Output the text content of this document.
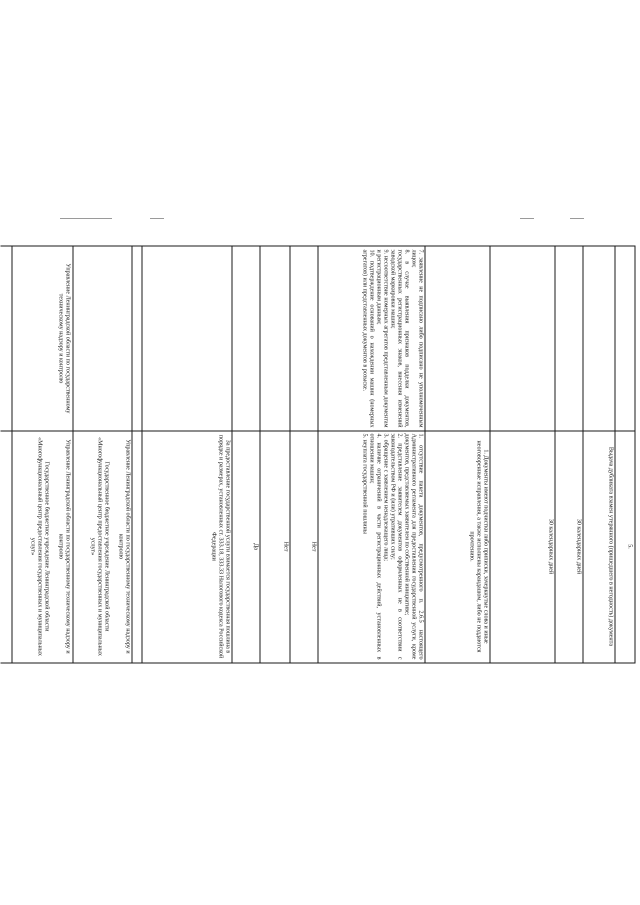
7. заявление не подписано либо подписано не уполномоченным лицом;
8. в случае выявления признаков подделки документов, государственных регистрационных знаков, внесения изменений заводской маркировки машин;
9. несоответствие номерных агрегатов представленным документам и регистрационным данным;
10. подтверждение оснований о нахождении машин (номерных агрегатов) или представленных документов в розыске.
Управление Ленинградской области по государственному техническому надзору и контролю
5.
Выдача дубликата взамен утерянного (пришедшего в негодность) документа
30 календарных дней
30 календарных дней
1. Документы имеют подчистки либо приписки, зачеркнутые слова и иные неоговоренные исправления, а также исполнены карандашом, либо не поддаются прочтению.
1. отсутствие пакета документов, предусмотренного п. 2.6.5 настоящего Административного регламента для предоставления государственной услуги, кроме документов, представляемых заявителем по собственной инициативе;
2. представление заявителем документов оформленных не в соответствии с законодательством РФ и (или) утративших силу;
3. обращение с заявлением ненадлежащего лица;
4. наличие ограничений в части регистрационных действий, установленных в отношении машин;
5. неуплата государственной пошлины
Нет
Нет
Да
За предоставление государственной услуги взимается государственная пошлина в порядке и размерах, установленных ст. 333.18, 333.33 Налогового кодекса Российской Федерации
Управление Ленинградской области по государственному техническому надзору и контролю

Государственное бюджетное учреждение Ленинградской области «Многофункциональный центр предоставления государственных и муниципальных услуг»
Управление Ленинградской области по государственному техническому надзору и контролю

Государственное бюджетное учреждение Ленинградской области «Многофункциональный центр предоставления государственных и муниципальных услуг»
